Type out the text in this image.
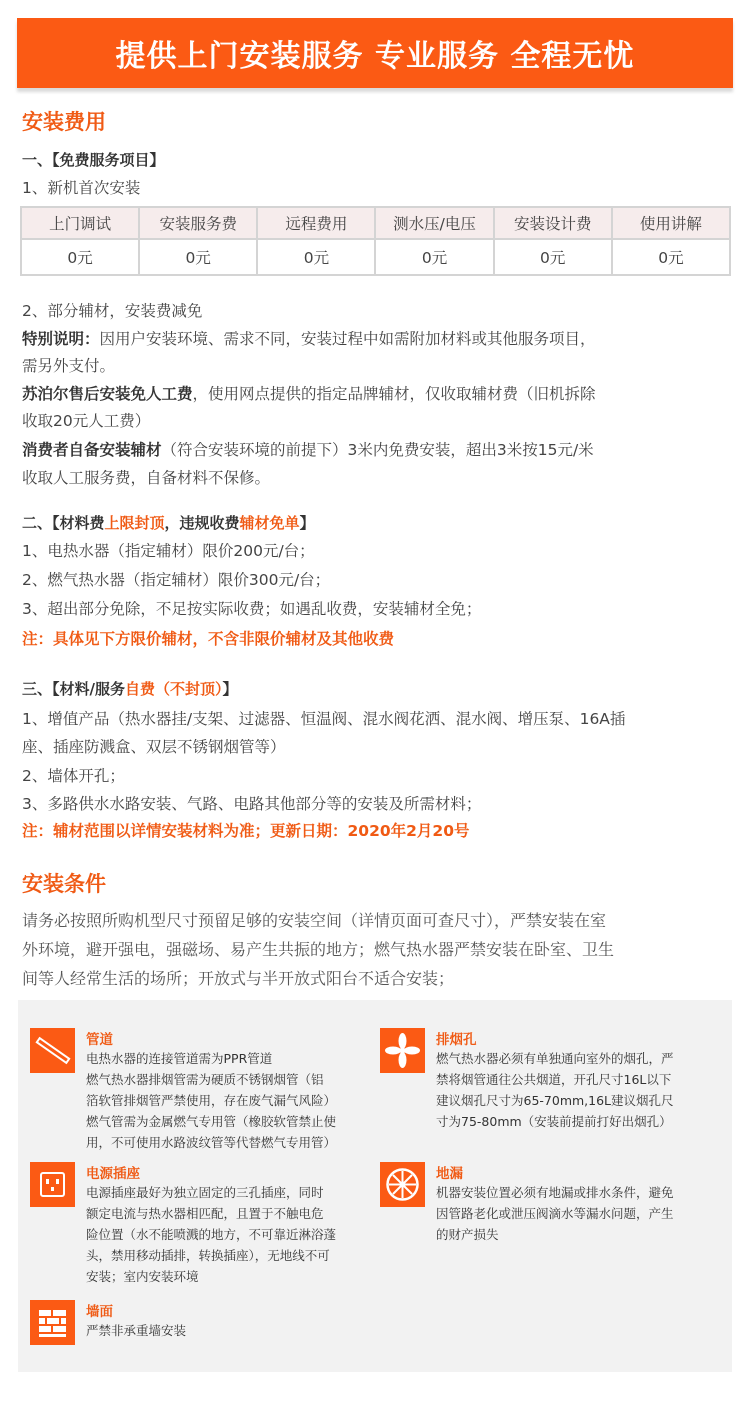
提供上门安装服务 专业服务 全程无忧
安装费用
一、【免费服务项目】
1、新机首次安装
上门调试	安装服务费	远程费用	测水压/电压	安装设计费	使用讲解
0元	0元	0元	0元	0元	0元
2、部分辅材，安装费减免
特别说明：因用户安装环境、需求不同，安装过程中如需附加材料或其他服务项目，
需另外支付。
苏泊尔售后安装免人工费，使用网点提供的指定品牌辅材，仅收取辅材费（旧机拆除
收取20元人工费）
消费者自备安装辅材（符合安装环境的前提下）3米内免费安装，超出3米按15元/米
收取人工服务费，自备材料不保修。
二、【材料费上限封顶，违规收费辅材免单】
1、电热水器（指定辅材）限价200元/台；
2、燃气热水器（指定辅材）限价300元/台；
3、超出部分免除，不足按实际收费；如遇乱收费，安装辅材全免；
注：具体见下方限价辅材，不含非限价辅材及其他收费
三、【材料/服务自费（不封顶）】
1、增值产品（热水器挂/支架、过滤器、恒温阀、混水阀花洒、混水阀、增压泵、16A插
座、插座防溅盒、双层不锈钢烟管等）
2、墙体开孔；
3、多路供水水路安装、气路、电路其他部分等的安装及所需材料；
注：辅材范围以详情安装材料为准；更新日期：2020年2月20号
安装条件
请务必按照所购机型尺寸预留足够的安装空间（详情页面可查尺寸），严禁安装在室
外环境，避开强电，强磁场、易产生共振的地方；燃气热水器严禁安装在卧室、卫生
间等人经常生活的场所；开放式与半开放式阳台不适合安装；
管道
电热水器的连接管道需为PPR管道
燃气热水器排烟管需为硬质不锈钢烟管（铝
箔软管排烟管严禁使用，存在废气漏气风险）
燃气管需为金属燃气专用管（橡胶软管禁止使
用，不可使用水路波纹管等代替燃气专用管）
排烟孔
燃气热水器必须有单独通向室外的烟孔，严
禁将烟管通往公共烟道，开孔尺寸16L以下
建议烟孔尺寸为65-70mm,16L建议烟孔尺
寸为75-80mm（安装前提前打好出烟孔）
电源插座
电源插座最好为独立固定的三孔插座，同时
额定电流与热水器相匹配，且置于不触电危
险位置（水不能喷溅的地方，不可靠近淋浴蓬
头，禁用移动插排，转换插座），无地线不可
安装；室内安装环境
地漏
机器安装位置必须有地漏或排水条件，避免
因管路老化或泄压阀滴水等漏水问题，产生
的财产损失
墙面
严禁非承重墙安装
